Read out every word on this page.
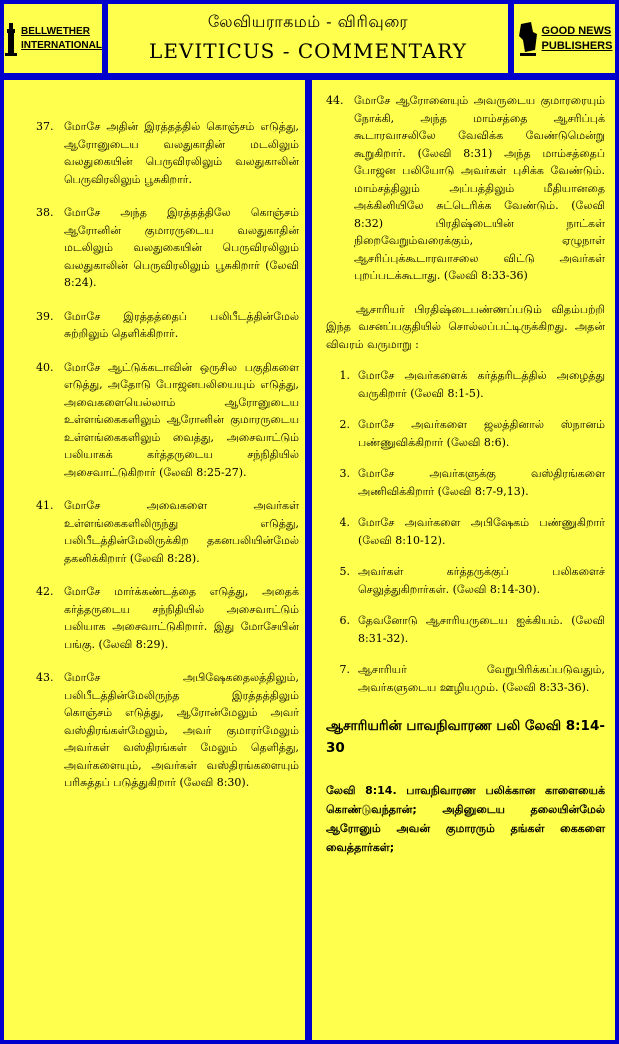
BELLWETHER
INTERNATIONAL
லேவியராகமம் - விரிவுரை
LEVITICUS - COMMENTARY
GOOD NEWS
PUBLISHERS
37. மோசே அதின் இரத்தத்தில் கொஞ்சம் எடுத்து, ஆரோனுடைய வலதுகாதின் மடலிலும் வலதுகையின் பெருவிரலிலும் வலதுகாலின் பெருவிரலிலும் பூசுகிறார்.
38. மோசே அந்த இரத்தத்திலே கொஞ்சம் ஆரோனின் குமாரருடைய வலதுகாதின் மடலிலும் வலதுகையின் பெருவிரலிலும் வலதுகாலின் பெருவிரலிலும் பூசுகிறார் (லேவி 8:24).
39. மோசே இரத்தத்தைப் பலிபீடத்தின்மேல் சுற்றிலும் தெளிக்கிறார்.
40. மோசே ஆட்டுக்கடாவின் ஒருசில பகுதிகளை எடுத்து, அதோடு போஜனபலியையும் எடுத்து, அவைகளையெல்லாம் ஆரோனுடைய உள்ளங்கைகளிலும் ஆரோனின் குமாரருடைய உள்ளங்கைகளிலும் வைத்து, அசைவாட்டும் பலியாகக் கர்த்தருடைய சந்நிதியில் அசைவாட்டுகிறார் (லேவி 8:25-27).
41. மோசே அவைகளை அவர்கள் உள்ளங்கைகளிலிருந்து எடுத்து, பலிபீடத்தின்மேலிருக்கிற தகனபலியின்மேல் தகனிக்கிறார் (லேவி 8:28).
42. மோசே மார்க்கண்டத்தை எடுத்து, அதைக் கர்த்தருடைய சந்நிதியில் அசைவாட்டும் பலியாக அசைவாட்டுகிறார். இது மோசேயின் பங்கு. (லேவி 8:29).
43. மோசே அபிஷேகதைலத்திலும், பலிபீடத்தின்மேலிருந்த இரத்தத்திலும் கொஞ்சம் எடுத்து, ஆரோன்மேலும் அவர் வஸ்திரங்கள்மேலும், அவர் குமாரர்மேலும் அவர்கள் வஸ்திரங்கள் மேலும் தெளித்து, அவர்களையும், அவர்கள் வஸ்திரங்களையும் பரிசுத்தப் படுத்துகிறார் (லேவி 8:30).
44. மோசே ஆரோனையும் அவருடைய குமாரரையும் நோக்கி, அந்த மாம்சத்தை ஆசரிப்புக் கூடாரவாசலிலே வேவிக்க வேண்டுமென்று கூறுகிறார். (லேவி 8:31) அந்த மாம்சத்தைப் போஜன பலியோடு அவர்கள் புசிக்க வேண்டும். மாம்சத்திலும் அப்பத்திலும் மீதியானதை அக்கினியிலே சுட்டெரிக்க வேண்டும். (லேவி 8:32) பிரதிஷ்டையின் நாட்கள் நிறைவேறும்வரைக்கும், ஏழுநாள் ஆசரிப்புக்கூடாரவாசலை விட்டு அவர்கள் புறப்படக்கூடாது. (லேவி 8:33-36)

ஆசாரியர் பிரதிஷ்டைபண்ணப்படும் விதம்பற்றி இந்த வசனப்பகுதியில் சொல்லப்பட்டிருக்கிறது. அதன் விவரம் வருமாறு :

1. மோசே அவர்களைக் கர்த்தரிடத்தில் அழைத்து வருகிறார் (லேவி 8:1-5).
2. மோசே அவர்களை ஜலத்தினால் ஸ்நானம் பண்ணுவிக்கிறார் (லேவி 8:6).
3. மோசே அவர்களுக்கு வஸ்திரங்களை அணிவிக்கிறார் (லேவி 8:7-9,13).
4. மோசே அவர்களை அபிஷேகம் பண்ணுகிறார் (லேவி 8:10-12).
5. அவர்கள் கர்த்தருக்குப் பலிகளைச் செலுத்துகிறார்கள். (லேவி 8:14-30).
6. தேவனோடு ஆசாரியருடைய ஐக்கியம். (லேவி 8:31-32).
7. ஆசாரியர் வேறுபிரிக்கப்படுவதும், அவர்களுடைய ஊழியமும். (லேவி 8:33-36).
ஆசாரியரின் பாவநிவாரண பலி லேவி 8:14-30
லேவி 8:14. பாவநிவாரண பலிக்கான காளையைக் கொண்டுவந்தான்; அதினுடைய தலையின்மேல் ஆரோனும் அவன் குமாரரும் தங்கள் கைகளை வைத்தார்கள்;
